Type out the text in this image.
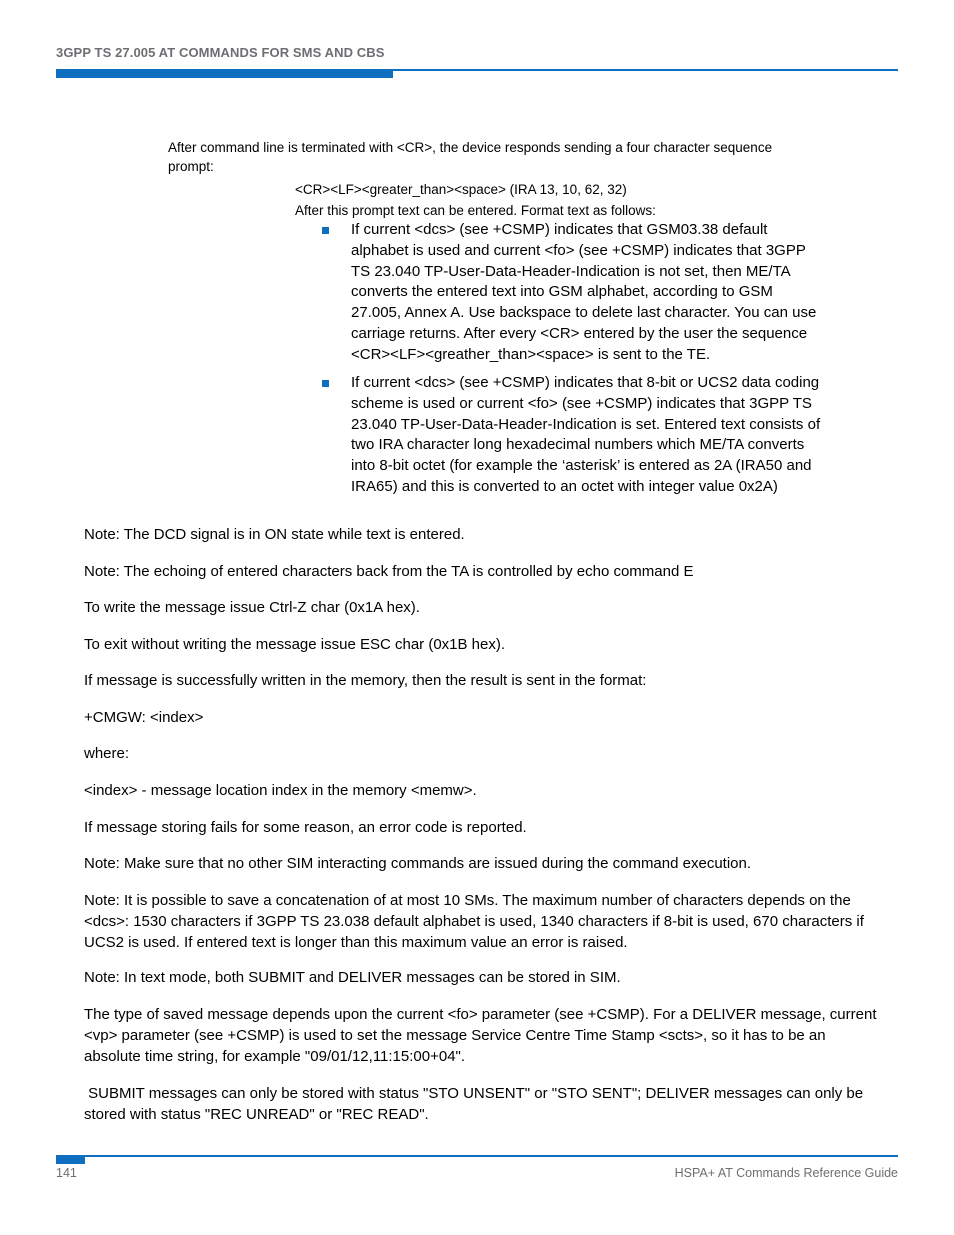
3GPP TS 27.005 AT COMMANDS FOR SMS AND CBS
After command line is terminated with <CR>, the device responds sending a four character sequence prompt:
<CR><LF><greater_than><space> (IRA 13, 10, 62, 32)
After this prompt text can be entered. Format text as follows:
If current <dcs> (see +CSMP) indicates that GSM03.38 default alphabet is used and current <fo> (see +CSMP) indicates that 3GPP TS 23.040 TP-User-Data-Header-Indication is not set, then ME/TA converts the entered text into GSM alphabet, according to GSM 27.005, Annex A. Use backspace to delete last character. You can use carriage returns. After every <CR> entered by the user the sequence <CR><LF><greather_than><space> is sent to the TE.
If current <dcs> (see +CSMP) indicates that 8-bit or UCS2 data coding scheme is used or current <fo> (see +CSMP) indicates that 3GPP TS 23.040 TP-User-Data-Header-Indication is set. Entered text consists of two IRA character long hexadecimal numbers which ME/TA converts into 8-bit octet (for example the ‘asterisk’ is entered as 2A (IRA50 and IRA65) and this is converted to an octet with integer value 0x2A)
Note: The DCD signal is in ON state while text is entered.
Note: The echoing of entered characters back from the TA is controlled by echo command E
To write the message issue Ctrl-Z char (0x1A hex).
To exit without writing the message issue ESC char (0x1B hex).
If message is successfully written in the memory, then the result is sent in the format:
+CMGW: <index>
where:
<index> - message location index in the memory <memw>.
If message storing fails for some reason, an error code is reported.
Note: Make sure that no other SIM interacting commands are issued during the command execution.
Note: It is possible to save a concatenation of at most 10 SMs. The maximum number of characters depends on the <dcs>: 1530 characters if 3GPP TS 23.038 default alphabet is used, 1340 characters if 8-bit is used, 670 characters if UCS2 is used. If entered text is longer than this maximum value an error is raised.
Note: In text mode, both SUBMIT and DELIVER messages can be stored in SIM.
The type of saved message depends upon the current <fo> parameter (see +CSMP). For a DELIVER message, current <vp> parameter (see +CSMP) is used to set the message Service Centre Time Stamp <scts>, so it has to be an absolute time string, for example "09/01/12,11:15:00+04".
SUBMIT messages can only be stored with status "STO UNSENT" or "STO SENT"; DELIVER messages can only be stored with status "REC UNREAD" or "REC READ".
141	HSPA+ AT Commands Reference Guide
